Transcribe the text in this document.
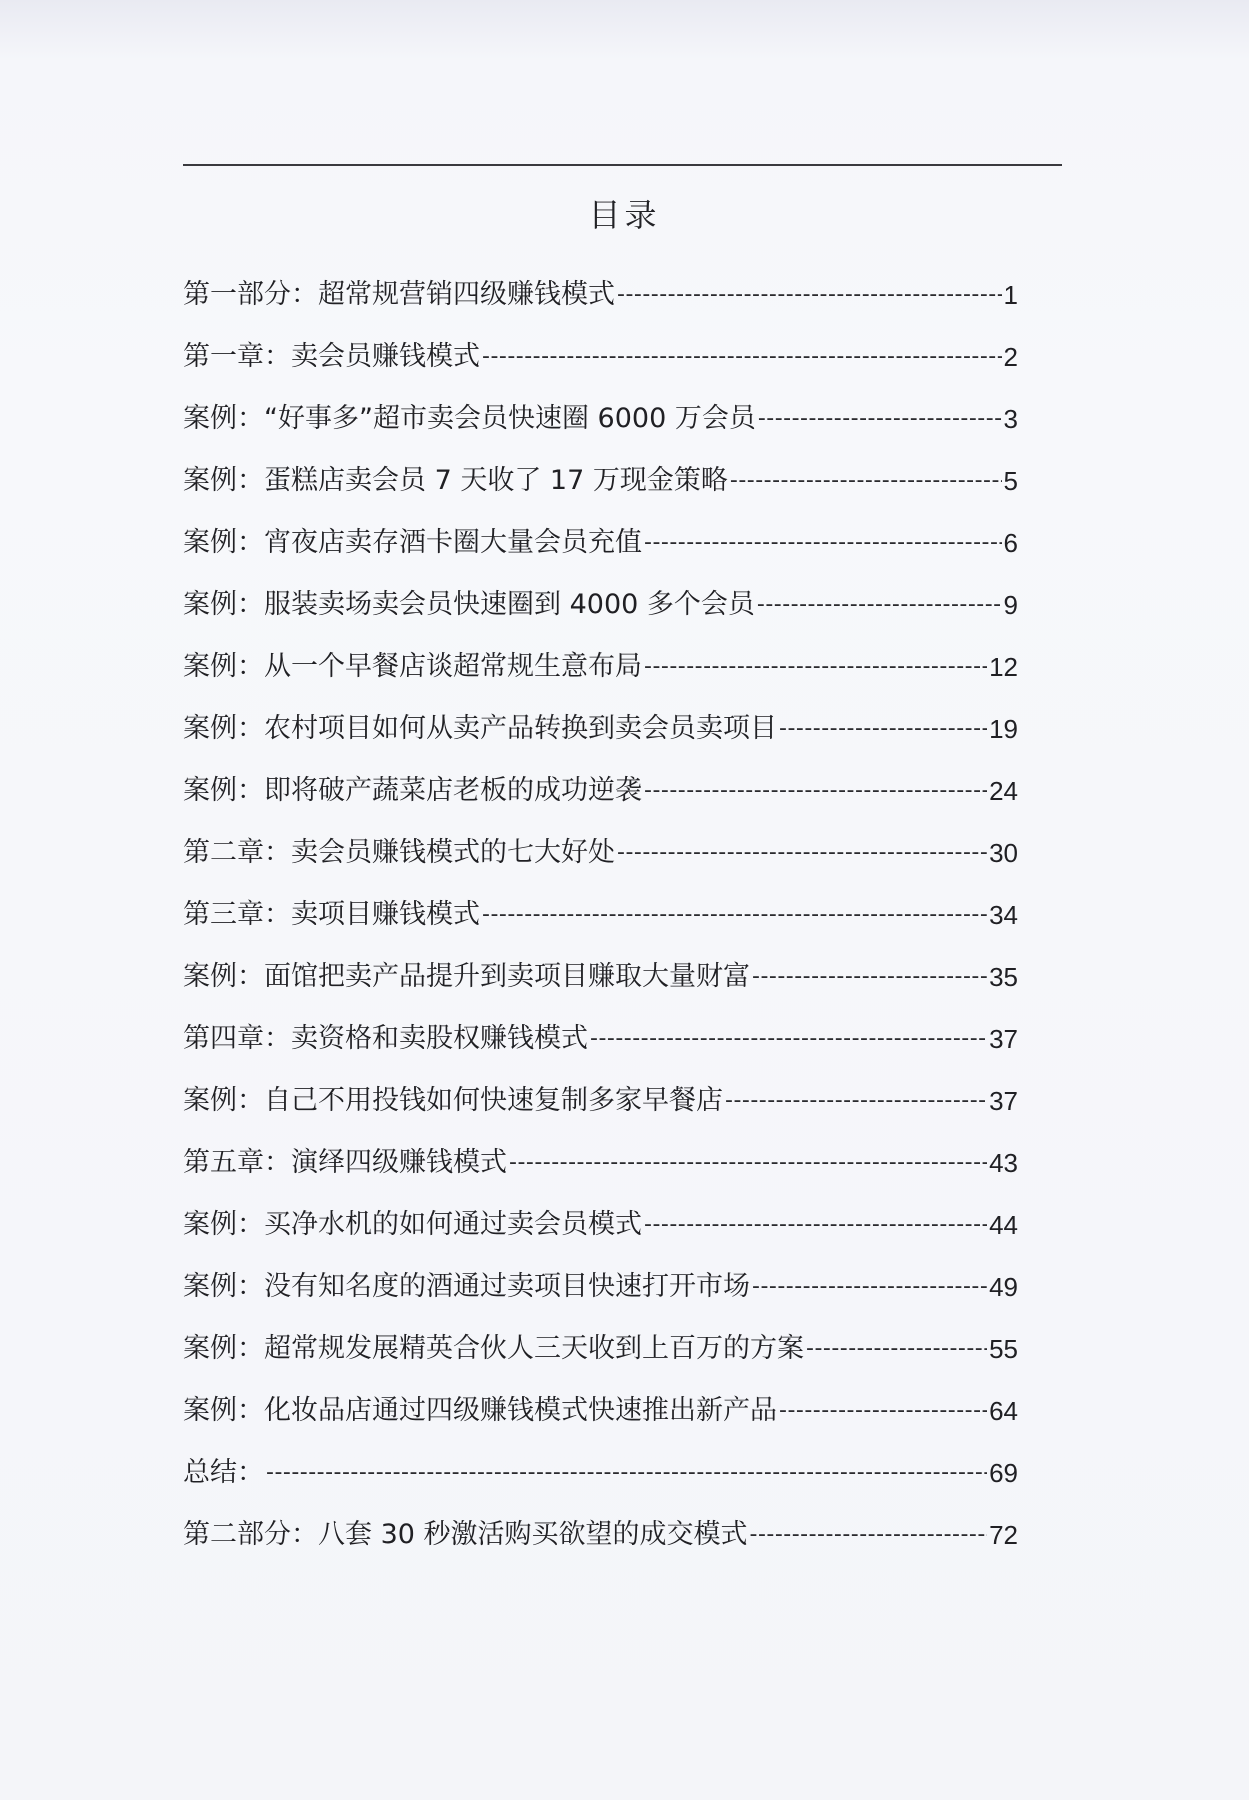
目录
第一部分：超常规营销四级赚钱模式 -----	1
第一章：卖会员赚钱模式 -----	2
案例：“好事多”超市卖会员快速圈 6000 万会员 -----	3
案例：蛋糕店卖会员 7 天收了 17 万现金策略 -----	5
案例：宵夜店卖存酒卡圈大量会员充值 -----	6
案例：服装卖场卖会员快速圈到 4000 多个会员 -----	9
案例：从一个早餐店谈超常规生意布局 -----	12
案例：农村项目如何从卖产品转换到卖会员卖项目 -----	19
案例：即将破产蔬菜店老板的成功逆袭 -----	24
第二章：卖会员赚钱模式的七大好处 -----	30
第三章：卖项目赚钱模式 -----	34
案例：面馆把卖产品提升到卖项目赚取大量财富 -----	35
第四章：卖资格和卖股权赚钱模式 -----	37
案例：自己不用投钱如何快速复制多家早餐店 -----	37
第五章：演绎四级赚钱模式 -----	43
案例：买净水机的如何通过卖会员模式 -----	44
案例：没有知名度的酒通过卖项目快速打开市场 -----	49
案例：超常规发展精英合伙人三天收到上百万的方案 -----	55
案例：化妆品店通过四级赚钱模式快速推出新产品 -----	64
总结： -----	69
第二部分：八套 30 秒激活购买欲望的成交模式 -----	72
